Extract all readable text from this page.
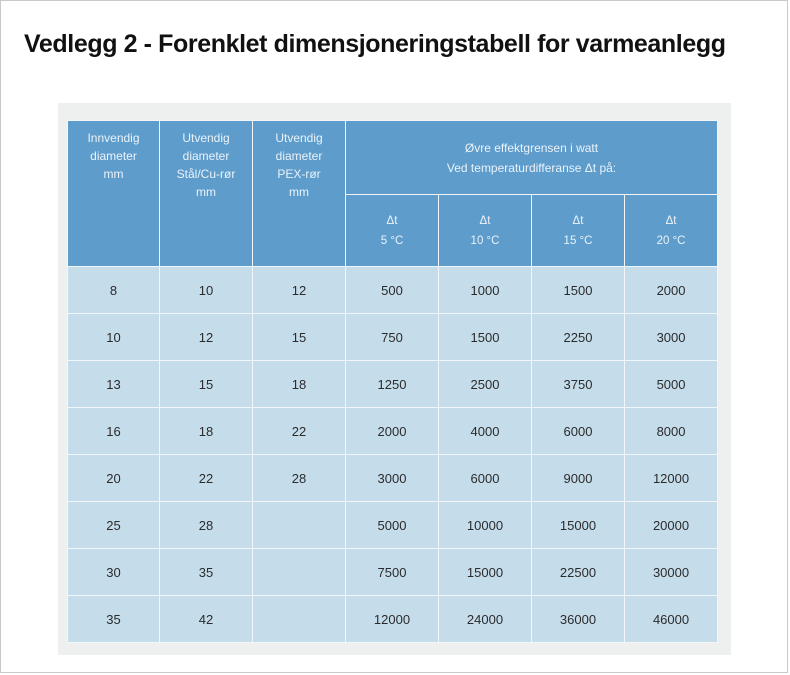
Vedlegg 2 - Forenklet dimensjoneringstabell for varmeanlegg
Innvendig
diameter
mm	Utvendig
diameter
Stål/Cu-rør
mm	Utvendig
diameter
PEX-rør
mm	Øvre effektgrensen i watt
Ved temperaturdifferanse Δt på:			

			Δt
5 °C	Δt
10 °C	Δt
15 °C	Δt
20 °C

8	10	12	500	1000	1500	2000
10	12	15	750	1500	2250	3000
13	15	18	1250	2500	3750	5000
16	18	22	2000	4000	6000	8000
20	22	28	3000	6000	9000	12000
25	28		5000	10000	15000	20000
30	35		7500	15000	22500	30000
35	42		12000	24000	36000	46000
